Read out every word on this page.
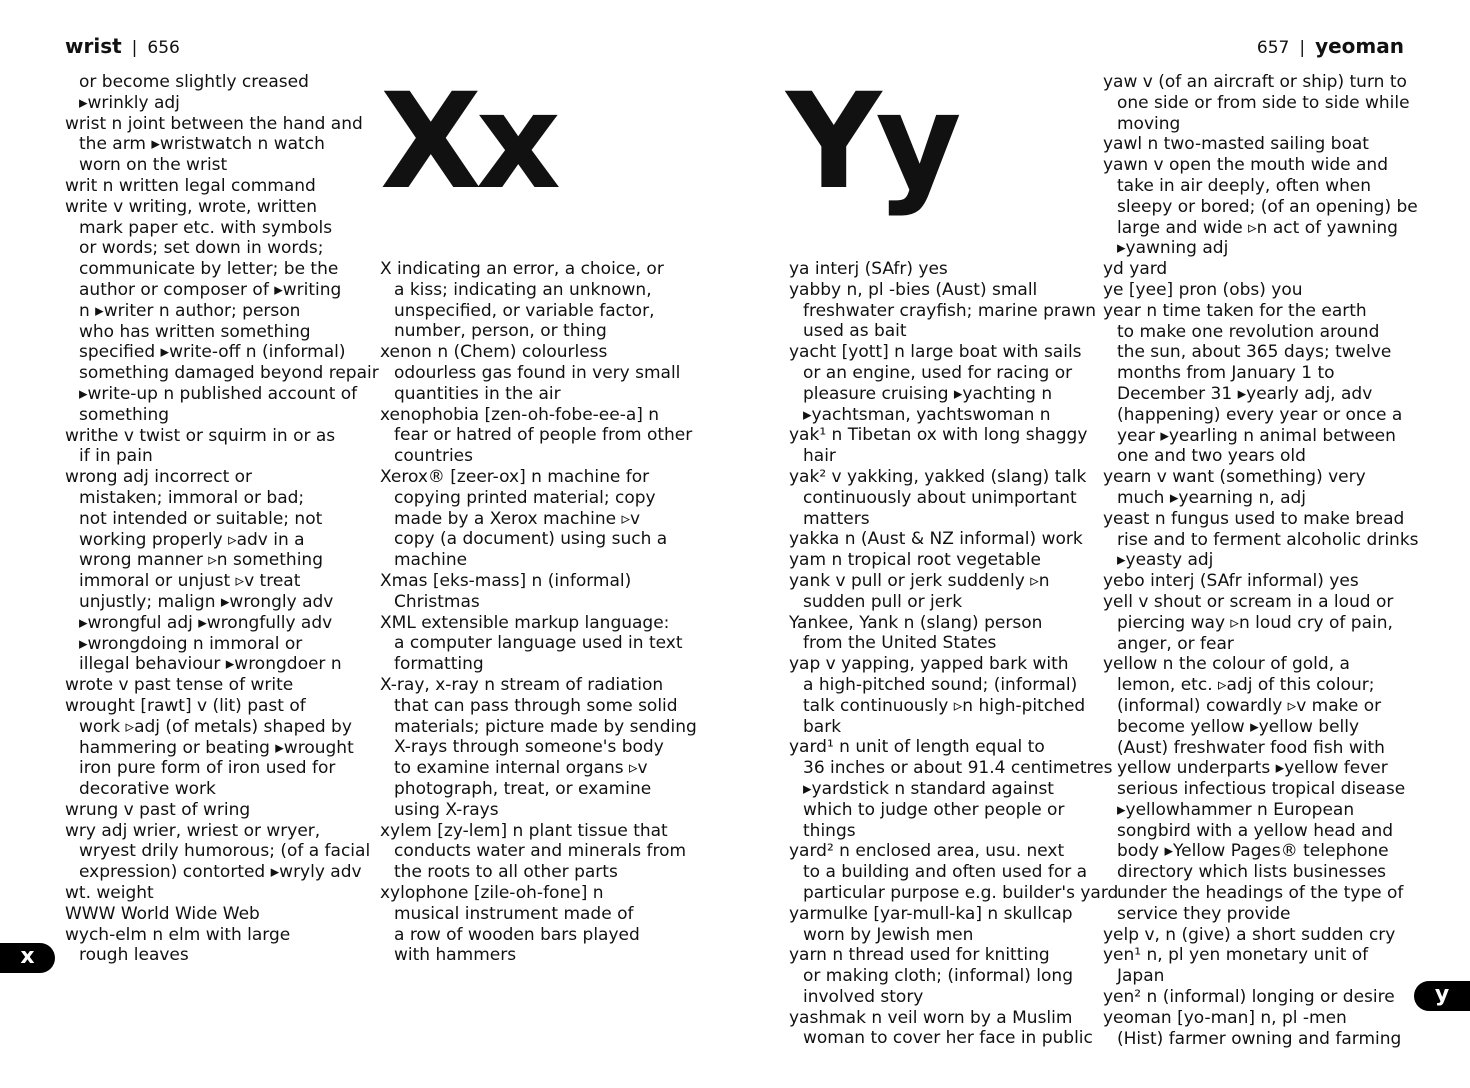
wrist | 656	657 | yeoman
Xx Yy
or become slightly creased
▸wrinkly adj
wrist n joint between the hand and
the arm ▸wristwatch n watch
worn on the wrist
writ n written legal command
write v writing, wrote, written
mark paper etc. with symbols
or words; set down in words;
communicate by letter; be the
author or composer of ▸writing
n ▸writer n author; person
who has written something
specified ▸write-off n (informal)
something damaged beyond repair
▸write-up n published account of
something
writhe v twist or squirm in or as
if in pain
wrong adj incorrect or
mistaken; immoral or bad;
not intended or suitable; not
working properly ▹adv in a
wrong manner ▹n something
immoral or unjust ▹v treat
unjustly; malign ▸wrongly adv
▸wrongful adj ▸wrongfully adv
▸wrongdoing n immoral or
illegal behaviour ▸wrongdoer n
wrote v past tense of write
wrought [rawt] v (lit) past of
work ▹adj (of metals) shaped by
hammering or beating ▸wrought
iron pure form of iron used for
decorative work
wrung v past of wring
wry adj wrier, wriest or wryer,
wryest drily humorous; (of a facial
expression) contorted ▸wryly adv
wt. weight
WWW World Wide Web
wych-elm n elm with large
rough leaves
X indicating an error, a choice, or
a kiss; indicating an unknown,
unspecified, or variable factor,
number, person, or thing
xenon n (Chem) colourless
odourless gas found in very small
quantities in the air
xenophobia [zen-oh-fobe-ee-a] n
fear or hatred of people from other
countries
Xerox® [zeer-ox] n machine for
copying printed material; copy
made by a Xerox machine ▹v
copy (a document) using such a
machine
Xmas [eks-mass] n (informal)
Christmas
XML extensible markup language:
a computer language used in text
formatting
X-ray, x-ray n stream of radiation
that can pass through some solid
materials; picture made by sending
X-rays through someone's body
to examine internal organs ▹v
photograph, treat, or examine
using X-rays
xylem [zy-lem] n plant tissue that
conducts water and minerals from
the roots to all other parts
xylophone [zile-oh-fone] n
musical instrument made of
a row of wooden bars played
with hammers
ya interj (SAfr) yes
yabby n, pl -bies (Aust) small
freshwater crayfish; marine prawn
used as bait
yacht [yott] n large boat with sails
or an engine, used for racing or
pleasure cruising ▸yachting n
▸yachtsman, yachtswoman n
yak¹ n Tibetan ox with long shaggy
hair
yak² v yakking, yakked (slang) talk
continuously about unimportant
matters
yakka n (Aust & NZ informal) work
yam n tropical root vegetable
yank v pull or jerk suddenly ▹n
sudden pull or jerk
Yankee, Yank n (slang) person
from the United States
yap v yapping, yapped bark with
a high-pitched sound; (informal)
talk continuously ▹n high-pitched
bark
yard¹ n unit of length equal to
36 inches or about 91.4 centimetres
▸yardstick n standard against
which to judge other people or
things
yard² n enclosed area, usu. next
to a building and often used for a
particular purpose e.g. builder's yard
yarmulke [yar-mull-ka] n skullcap
worn by Jewish men
yarn n thread used for knitting
or making cloth; (informal) long
involved story
yashmak n veil worn by a Muslim
woman to cover her face in public
yaw v (of an aircraft or ship) turn to
one side or from side to side while
moving
yawl n two-masted sailing boat
yawn v open the mouth wide and
take in air deeply, often when
sleepy or bored; (of an opening) be
large and wide ▹n act of yawning
▸yawning adj
yd yard
ye [yee] pron (obs) you
year n time taken for the earth
to make one revolution around
the sun, about 365 days; twelve
months from January 1 to
December 31 ▸yearly adj, adv
(happening) every year or once a
year ▸yearling n animal between
one and two years old
yearn v want (something) very
much ▸yearning n, adj
yeast n fungus used to make bread
rise and to ferment alcoholic drinks
▸yeasty adj
yebo interj (SAfr informal) yes
yell v shout or scream in a loud or
piercing way ▹n loud cry of pain,
anger, or fear
yellow n the colour of gold, a
lemon, etc. ▹adj of this colour;
(informal) cowardly ▹v make or
become yellow ▸yellow belly
(Aust) freshwater food fish with
yellow underparts ▸yellow fever
serious infectious tropical disease
▸yellowhammer n European
songbird with a yellow head and
body ▸Yellow Pages® telephone
directory which lists businesses
under the headings of the type of
service they provide
yelp v, n (give) a short sudden cry
yen¹ n, pl yen monetary unit of
Japan
yen² n (informal) longing or desire
yeoman [yo-man] n, pl -men
(Hist) farmer owning and farming
x
y
